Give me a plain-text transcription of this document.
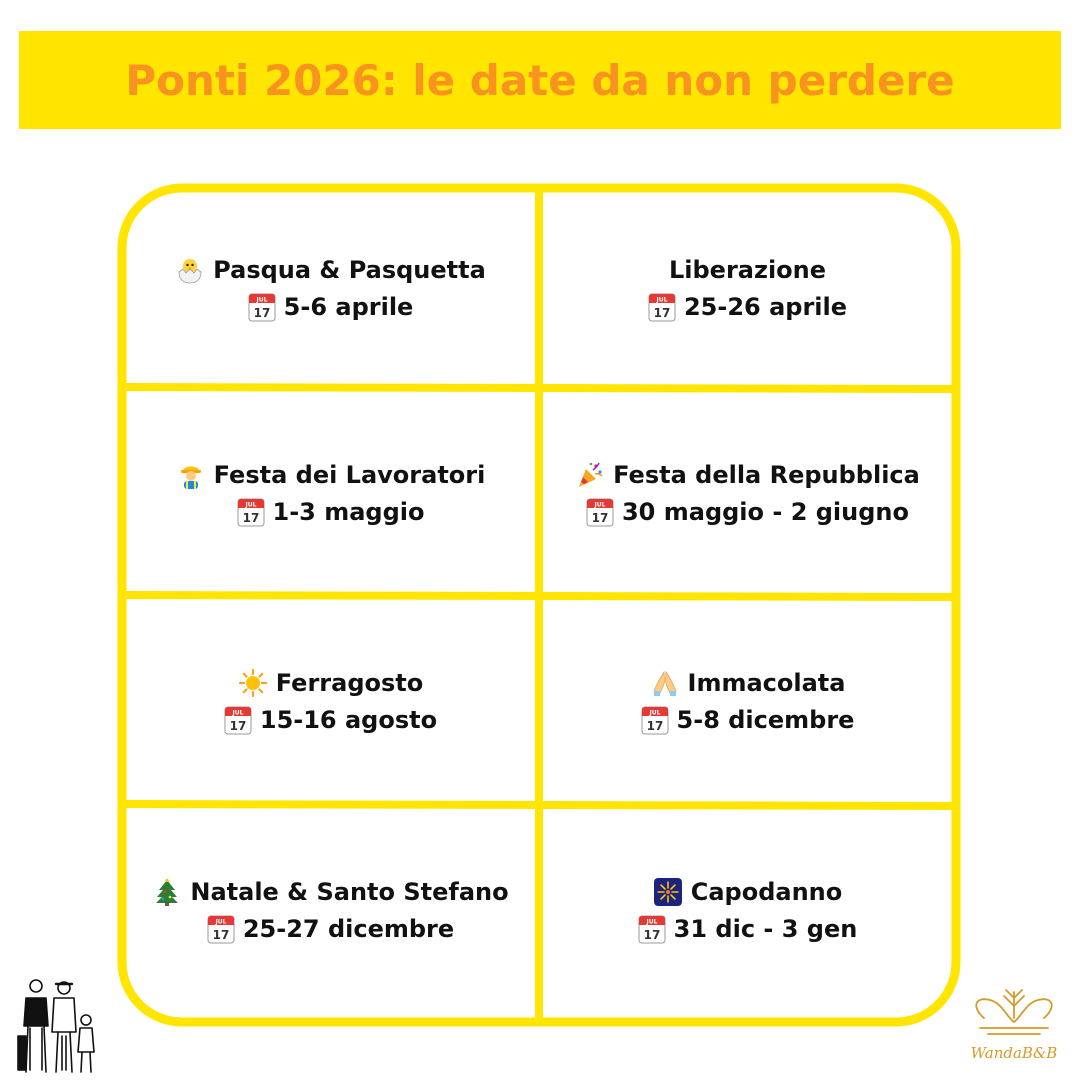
Ponti 2026: le date da non perdere
Pasqua & Pasquetta
JUL
17 5-6 aprile
Liberazione
JUL
17 25-26 aprile
Festa dei Lavoratori
JUL
17 1-3 maggio
Festa della Repubblica
JUL
17 30 maggio - 2 giugno
Ferragosto
JUL
17 15-16 agosto
Immacolata
JUL
17 5-8 dicembre
Natale & Santo Stefano
JUL
17 25-27 dicembre
Capodanno
JUL
17 31 dic - 3 gen
WandaB&B
